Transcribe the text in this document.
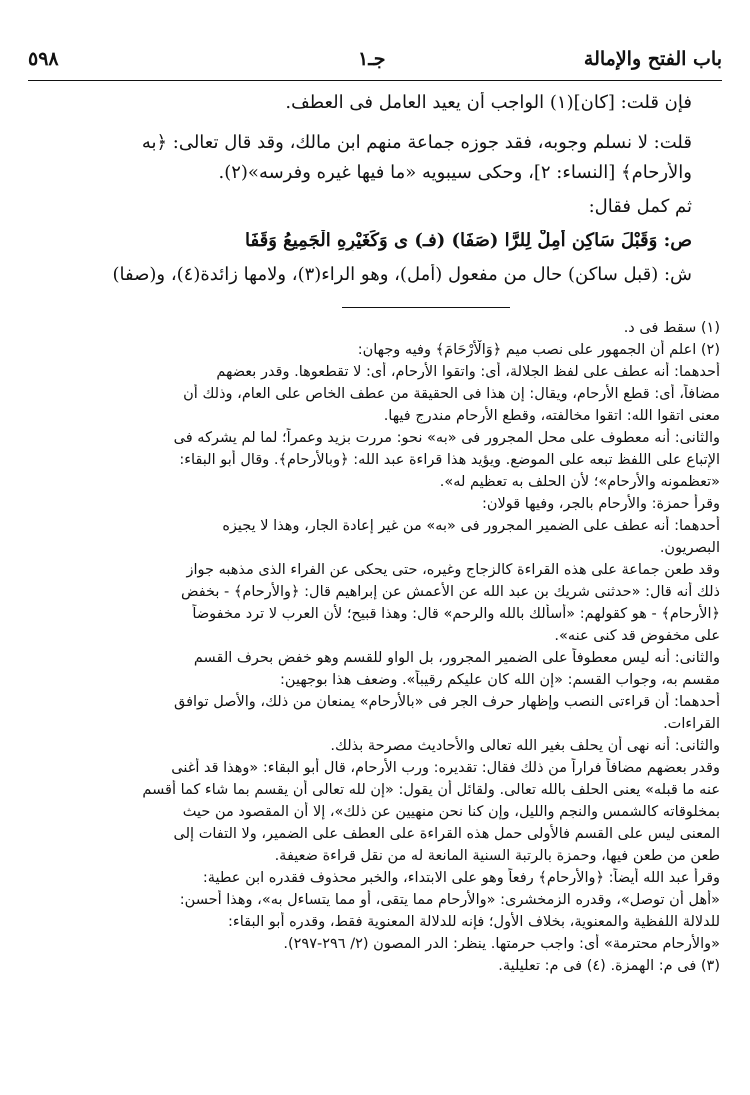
٥٩٨	جـ١	باب الفتح والإمالة
فإن قلت: [كان](١) الواجب أن يعيد العامل فى العطف.
قلت: لا نسلم وجوبه، فقد جوزه جماعة منهم ابن مالك، وقد قال تعالى: ﴿به
والأرحام﴾ [النساء: ٢]، وحكى سيبويه «ما فيها غيره وفرسه»(٢).
ثم كمل فقال:
ص: وَقَبْلَ سَاكِنٍ أَمِلْ لِلرَّا (صَفَا) (فـ) ى وَكَغَيْرِهِ الْجَمِيعُ وَقَفَا
ش: (قبل ساكن) حال من مفعول (أمل)، وهو الراء(٣)، ولامها زائدة(٤)، و(صفا)
(١) سقط فى د.
(٢) اعلم أن الجمهور على نصب ميم ﴿وَالْأَرْحَامَ﴾ وفيه وجهان:
أحدهما: أنه عطف على لفظ الجلالة، أى: واتقوا الأرحام، أى: لا تقطعوها. وقدر بعضهم
مضافاً، أى: قطع الأرحام، ويقال: إن هذا فى الحقيقة من عطف الخاص على العام، وذلك أن
معنى اتقوا الله: اتقوا مخالفته، وقطع الأرحام مندرج فيها.
والثانى: أنه معطوف على محل المجرور فى «به» نحو: مررت بزيد وعمراً؛ لما لم يشركه فى
الإتباع على اللفظ تبعه على الموضع. ويؤيد هذا قراءة عبد الله: ﴿وبالأرحام﴾. وقال أبو البقاء:
«تعظمونه والأرحام»؛ لأن الحلف به تعظيم له».
وقرأ حمزة: والأرحام بالجر، وفيها قولان:
أحدهما: أنه عطف على الضمير المجرور فى «به» من غير إعادة الجار، وهذا لا يجيزه
البصريون.
وقد طعن جماعة على هذه القراءة كالزجاج وغيره، حتى يحكى عن الفراء الذى مذهبه جواز
ذلك أنه قال: «حدثنى شريك بن عبد الله عن الأعمش عن إبراهيم قال: ﴿والأرحام﴾ - بخفض
﴿الأرحام﴾ - هو كقولهم: «أسألك بالله والرحم» قال: وهذا قبيح؛ لأن العرب لا ترد مخفوضاً
على مخفوض قد كنى عنه».
والثانى: أنه ليس معطوفاً على الضمير المجرور، بل الواو للقسم وهو خفض بحرف القسم
مقسم به، وجواب القسم: «إن الله كان عليكم رقيباً». وضعف هذا بوجهين:
أحدهما: أن قراءتى النصب وإظهار حرف الجر فى «بالأرحام» يمنعان من ذلك، والأصل توافق
القراءات.
والثانى: أنه نهى أن يحلف بغير الله تعالى والأحاديث مصرحة بذلك.
وقدر بعضهم مضافاً فراراً من ذلك فقال: تقديره: ورب الأرحام، قال أبو البقاء: «وهذا قد أغنى
عنه ما قبله» يعنى الحلف بالله تعالى. ولقائل أن يقول: «إن لله تعالى أن يقسم بما شاء كما أقسم
بمخلوقاته كالشمس والنجم والليل، وإن كنا نحن منهيين عن ذلك»، إلا أن المقصود من حيث
المعنى ليس على القسم فالأولى حمل هذه القراءة على العطف على الضمير، ولا التفات إلى
طعن من طعن فيها، وحمزة بالرتبة السنية المانعة له من نقل قراءة ضعيفة.
وقرأ عبد الله أيضاً: ﴿والأرحام﴾ رفعاً وهو على الابتداء، والخبر محذوف فقدره ابن عطية:
«أهل أن توصل»، وقدره الزمخشرى: «والأرحام مما يتقى، أو مما يتساءل به»، وهذا أحسن:
للدلالة اللفظية والمعنوية، بخلاف الأول؛ فإنه للدلالة المعنوية فقط، وقدره أبو البقاء:
«والأرحام محترمة» أى: واجب حرمتها. ينظر: الدر المصون (٢/ ٢٩٦-٢٩٧).
(٣) فى م: الهمزة. (٤) فى م: تعليلية.
